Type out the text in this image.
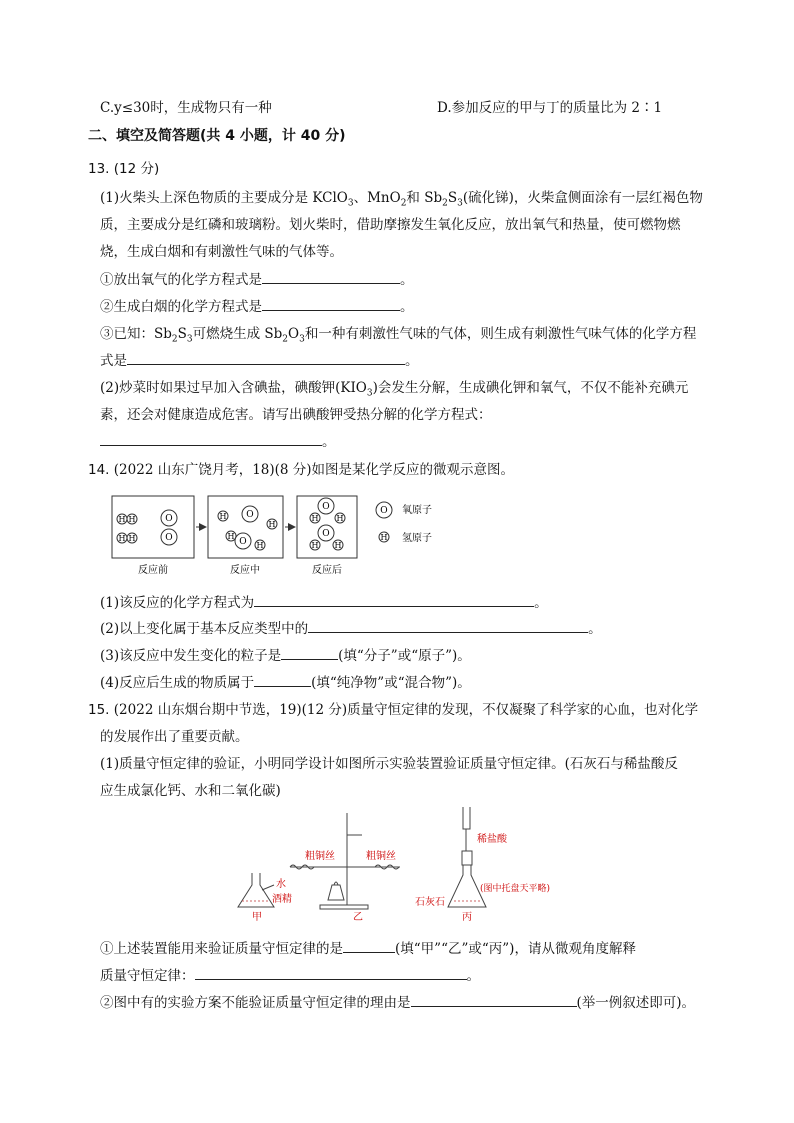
C.y≤30时，生成物只有一种	D.参加反应的甲与丁的质量比为 2∶1
二、填空及简答题(共 4 小题，计 40 分)
13. (12 分)
(1)火柴头上深色物质的主要成分是 KClO$_3$、MnO$_2$和 $Sb_2S_3$(硫化锑)，火柴盒侧面涂有一层红褐色物
质，主要成分是红磷和玻璃粉。划火柴时，借助摩擦发生氧化反应，放出氧气和热量，使可燃物燃
烧，生成白烟和有刺激性气味的气体等。
①放出氧气的化学方程式是	。
②生成白烟的化学方程式是	。
③已知：$Sb_2S_3$可燃烧生成 $Sb_2O_3$和一种有刺激性气味的气体，则生成有刺激性气味气体的化学方程
式是	。
(2)炒菜时如果过早加入含碘盐，碘酸钾$(KIO_3)$会发生分解，生成碘化钾和氧气，不仅不能补充碘元
素，还会对健康造成危害。请写出碘酸钾受热分解的化学方程式：
。
14. (2022 山东广饶月考，18)(8 分)如图是某化学反应的微观示意图。
H H
H H
O
O
H
H
H
H
O
O
O
O
H H
H H
O 氧原子
H 氢原子
反应前	反应中	反应后
(1)该反应的化学方程式为	。
(2)以上变化属于基本反应类型中的	。
(3)该反应中发生变化的粒子是	(填“分子”或“原子”)。
(4)反应后生成的物质属于	(填“纯净物”或“混合物”)。
15. (2022 山东烟台期中节选，19)(12 分)质量守恒定律的发现，不仅凝聚了科学家的心血，也对化学
的发展作出了重要贡献。
(1)质量守恒定律的验证，小明同学设计如图所示实验装置验证质量守恒定律。(石灰石与稀盐酸反
应生成氯化钙、水和二氧化碳)
水
酒精
甲
粗铜丝	粗铜丝
乙
稀盐酸
(图中托盘天平略)
石灰石
丙
①上述装置能用来验证质量守恒定律的是	(填“甲”“乙”或“丙”)，请从微观角度解释
质量守恒定律：	。
②图中有的实验方案不能验证质量守恒定律的理由是	(举一例叙述即可)。
